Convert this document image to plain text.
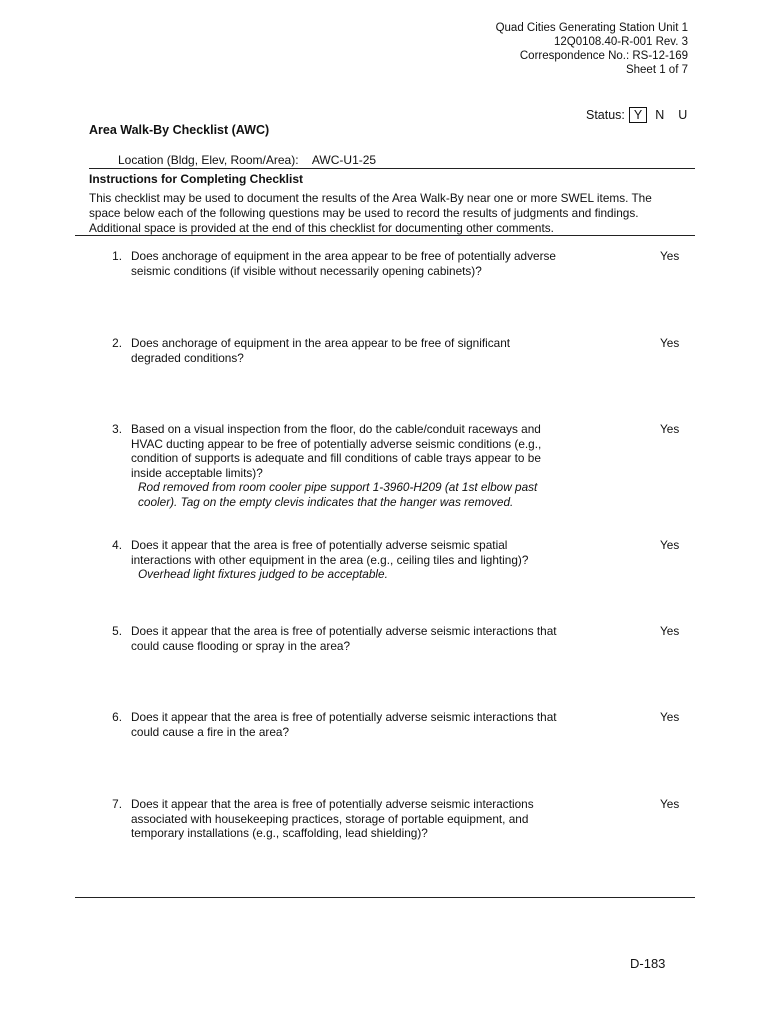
Quad Cities Generating Station Unit 1
12Q0108.40-R-001 Rev. 3
Correspondence No.: RS-12-169
Sheet 1 of 7
Status: Y	N U
Area Walk-By Checklist (AWC)
Location (Bldg, Elev, Room/Area): AWC-U1-25
Instructions for Completing Checklist
This checklist may be used to document the results of the Area Walk-By near one or more SWEL items. The space below each of the following questions may be used to record the results of judgments and findings. Additional space is provided at the end of this checklist for documenting other comments.
1. Does anchorage of equipment in the area appear to be free of potentially adverse seismic conditions (if visible without necessarily opening cabinets)?
Yes
2. Does anchorage of equipment in the area appear to be free of significant degraded conditions?
Yes
3. Based on a visual inspection from the floor, do the cable/conduit raceways and HVAC ducting appear to be free of potentially adverse seismic conditions (e.g., condition of supports is adequate and fill conditions of cable trays appear to be inside acceptable limits)?
Rod removed from room cooler pipe support 1-3960-H209 (at 1st elbow past cooler). Tag on the empty clevis indicates that the hanger was removed.
Yes
4. Does it appear that the area is free of potentially adverse seismic spatial interactions with other equipment in the area (e.g., ceiling tiles and lighting)?
Overhead light fixtures judged to be acceptable.
Yes
5. Does it appear that the area is free of potentially adverse seismic interactions that could cause flooding or spray in the area?
Yes
6. Does it appear that the area is free of potentially adverse seismic interactions that could cause a fire in the area?
Yes
7. Does it appear that the area is free of potentially adverse seismic interactions associated with housekeeping practices, storage of portable equipment, and temporary installations (e.g., scaffolding, lead shielding)?
Yes
D-183
